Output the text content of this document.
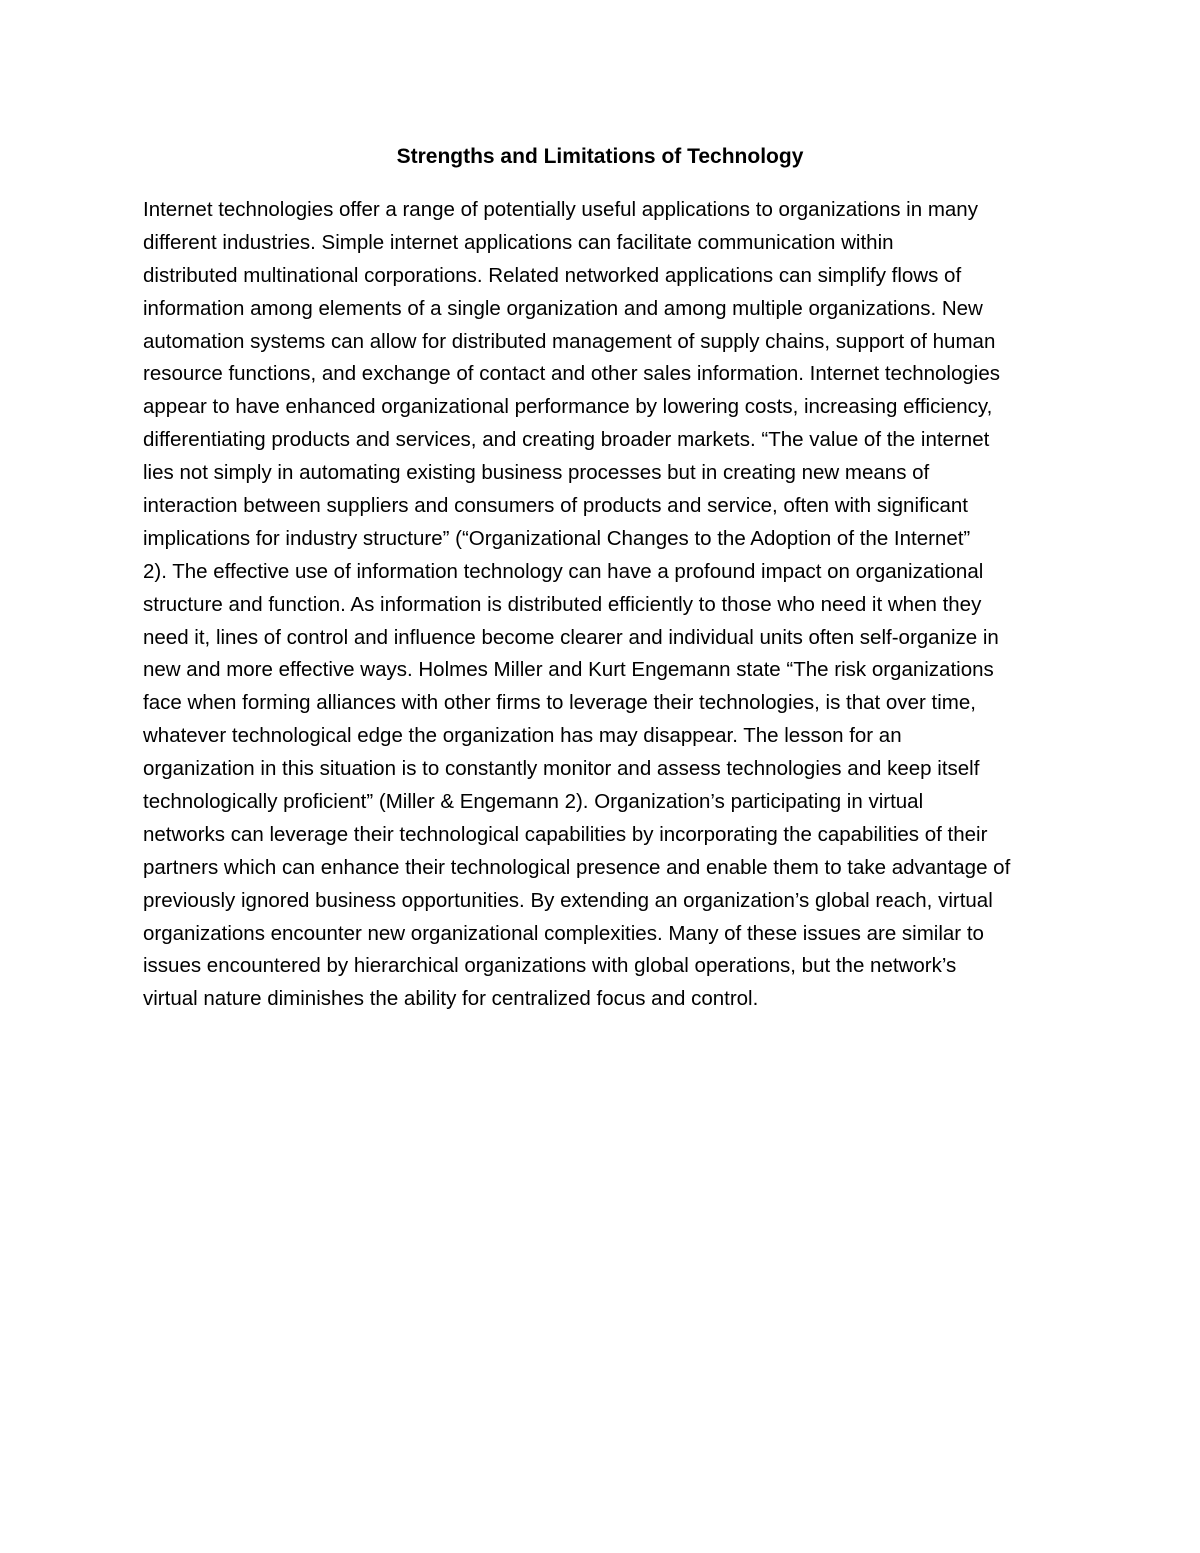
Strengths and Limitations of Technology
Internet technologies offer a range of potentially useful applications to organizations in many
different industries. Simple internet applications can facilitate communication within
distributed multinational corporations. Related networked applications can simplify flows of
information among elements of a single organization and among multiple organizations. New
automation systems can allow for distributed management of supply chains, support of human
resource functions, and exchange of contact and other sales information. Internet technologies
appear to have enhanced organizational performance by lowering costs, increasing efficiency,
differentiating products and services, and creating broader markets. “The value of the internet
lies not simply in automating existing business processes but in creating new means of
interaction between suppliers and consumers of products and service, often with significant
implications for industry structure” (“Organizational Changes to the Adoption of the Internet”
2). The effective use of information technology can have a profound impact on organizational
structure and function. As information is distributed efficiently to those who need it when they
need it, lines of control and influence become clearer and individual units often self-organize in
new and more effective ways. Holmes Miller and Kurt Engemann state “The risk organizations
face when forming alliances with other firms to leverage their technologies, is that over time,
whatever technological edge the organization has may disappear. The lesson for an
organization in this situation is to constantly monitor and assess technologies and keep itself
technologically proficient” (Miller & Engemann 2). Organization’s participating in virtual
networks can leverage their technological capabilities by incorporating the capabilities of their
partners which can enhance their technological presence and enable them to take advantage of
previously ignored business opportunities. By extending an organization’s global reach, virtual
organizations encounter new organizational complexities. Many of these issues are similar to
issues encountered by hierarchical organizations with global operations, but the network’s
virtual nature diminishes the ability for centralized focus and control.
